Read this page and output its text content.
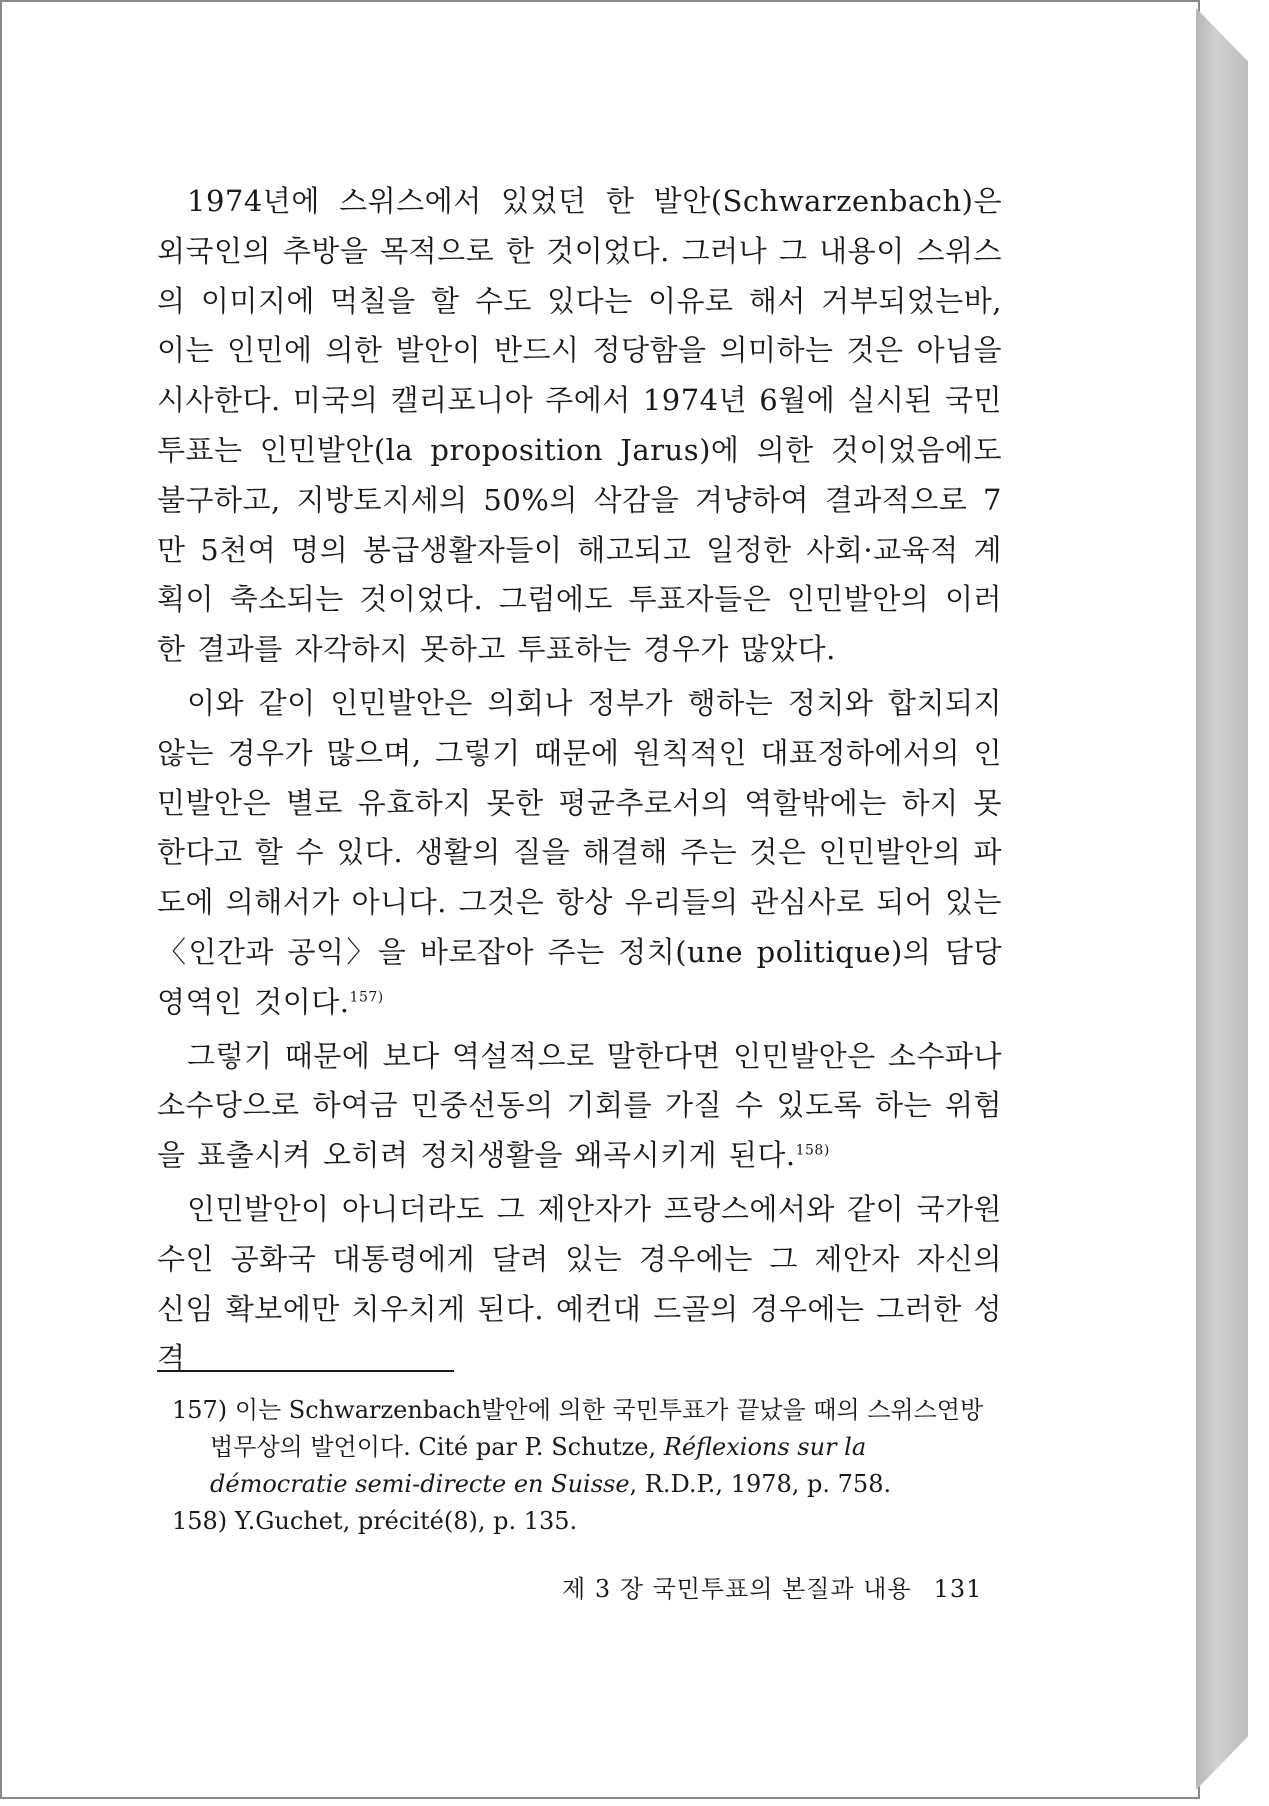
1974년에 스위스에서 있었던 한 발안(Schwarzenbach)은 외국인의 추방을 목적으로 한 것이었다. 그러나 그 내용이 스위스의 이미지에 먹칠을 할 수도 있다는 이유로 해서 거부되었는바, 이는 인민에 의한 발안이 반드시 정당함을 의미하는 것은 아님을 시사한다. 미국의 캘리포니아 주에서 1974년 6월에 실시된 국민투표는 인민발안(la proposition Jarus)에 의한 것이었음에도 불구하고, 지방토지세의 50%의 삭감을 겨냥하여 결과적으로 7만 5천여 명의 봉급생활자들이 해고되고 일정한 사회·교육적 계획이 축소되는 것이었다. 그럼에도 투표자들은 인민발안의 이러한 결과를 자각하지 못하고 투표하는 경우가 많았다.

이와 같이 인민발안은 의회나 정부가 행하는 정치와 합치되지 않는 경우가 많으며, 그렇기 때문에 원칙적인 대표정하에서의 인민발안은 별로 유효하지 못한 평균추로서의 역할밖에는 하지 못한다고 할 수 있다. 생활의 질을 해결해 주는 것은 인민발안의 파도에 의해서가 아니다. 그것은 항상 우리들의 관심사로 되어 있는 〈인간과 공익〉을 바로잡아 주는 정치(une politique)의 담당 영역인 것이다.$^{157)}$

그렇기 때문에 보다 역설적으로 말한다면 인민발안은 소수파나 소수당으로 하여금 민중선동의 기회를 가질 수 있도록 하는 위험을 표출시켜 오히려 정치생활을 왜곡시키게 된다.$^{158)}$

인민발안이 아니더라도 그 제안자가 프랑스에서와 같이 국가원수인 공화국 대통령에게 달려 있는 경우에는 그 제안자 자신의 신임 확보에만 치우치게 된다. 예컨대 드골의 경우에는 그러한 성격

157) 이는 Schwarzenbach발안에 의한 국민투표가 끝났을 때의 스위스연방 법무상의 발언이다. Cité par P. Schutze, Réflexions sur la démocratie semi-directe en Suisse, R.D.P., 1978, p. 758.

158) Y.Guchet, précité(8), p. 135.

제 3 장 국민투표의 본질과 내용 131
